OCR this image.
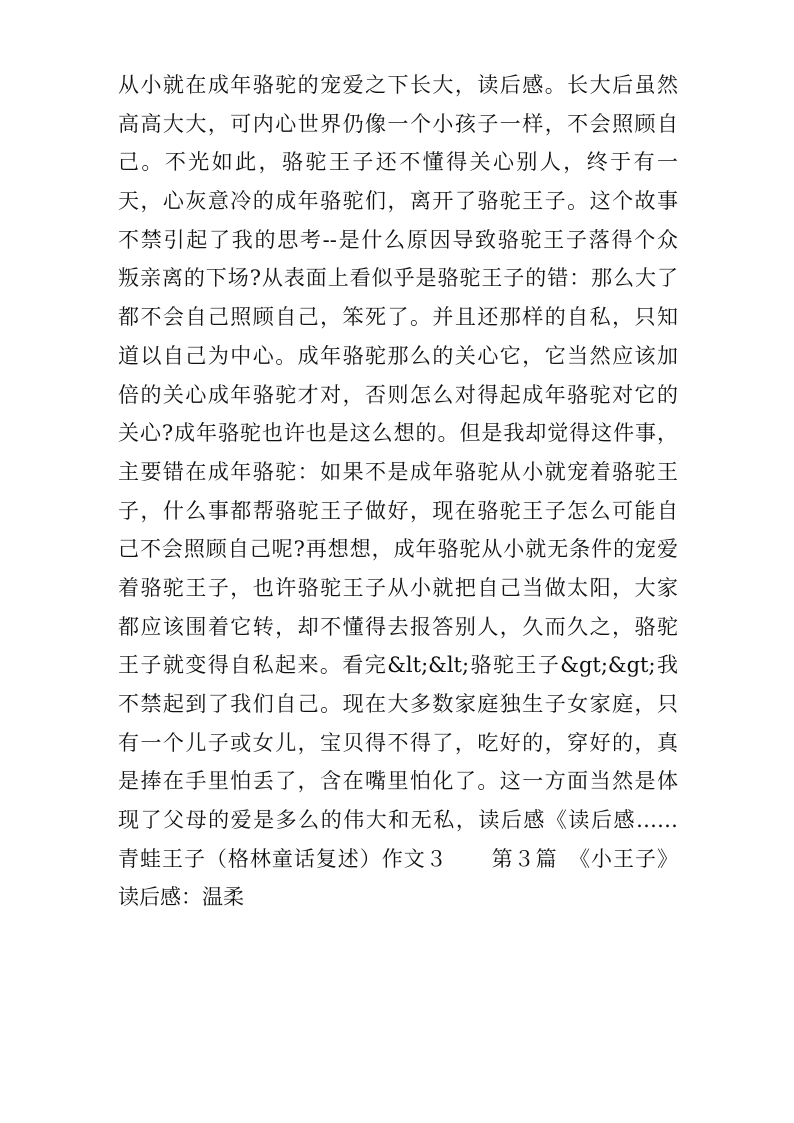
从小就在成年骆驼的宠爱之下长大，读后感。长大后虽然
高高大大，可内心世界仍像一个小孩子一样，不会照顾自
己。不光如此，骆驼王子还不懂得关心别人，终于有一
天，心灰意冷的成年骆驼们，离开了骆驼王子。这个故事
不禁引起了我的思考--是什么原因导致骆驼王子落得个众
叛亲离的下场?从表面上看似乎是骆驼王子的错：那么大了
都不会自己照顾自己，笨死了。并且还那样的自私，只知
道以自己为中心。成年骆驼那么的关心它，它当然应该加
倍的关心成年骆驼才对，否则怎么对得起成年骆驼对它的
关心?成年骆驼也许也是这么想的。但是我却觉得这件事，
主要错在成年骆驼：如果不是成年骆驼从小就宠着骆驼王
子，什么事都帮骆驼王子做好，现在骆驼王子怎么可能自
己不会照顾自己呢?再想想，成年骆驼从小就无条件的宠爱
着骆驼王子，也许骆驼王子从小就把自己当做太阳，大家
都应该围着它转，却不懂得去报答别人，久而久之，骆驼
王子就变得自私起来。看完&lt;&lt;骆驼王子&gt;&gt;我
不禁起到了我们自己。现在大多数家庭独生子女家庭，只
有一个儿子或女儿，宝贝得不得了，吃好的，穿好的，真
是捧在手里怕丢了，含在嘴里怕化了。这一方面当然是体
现了父母的爱是多么的伟大和无私，读后感《读后感……
青蛙王子（格林童话复述）作文３　　第３篇　《小王子》
读后感：温柔
